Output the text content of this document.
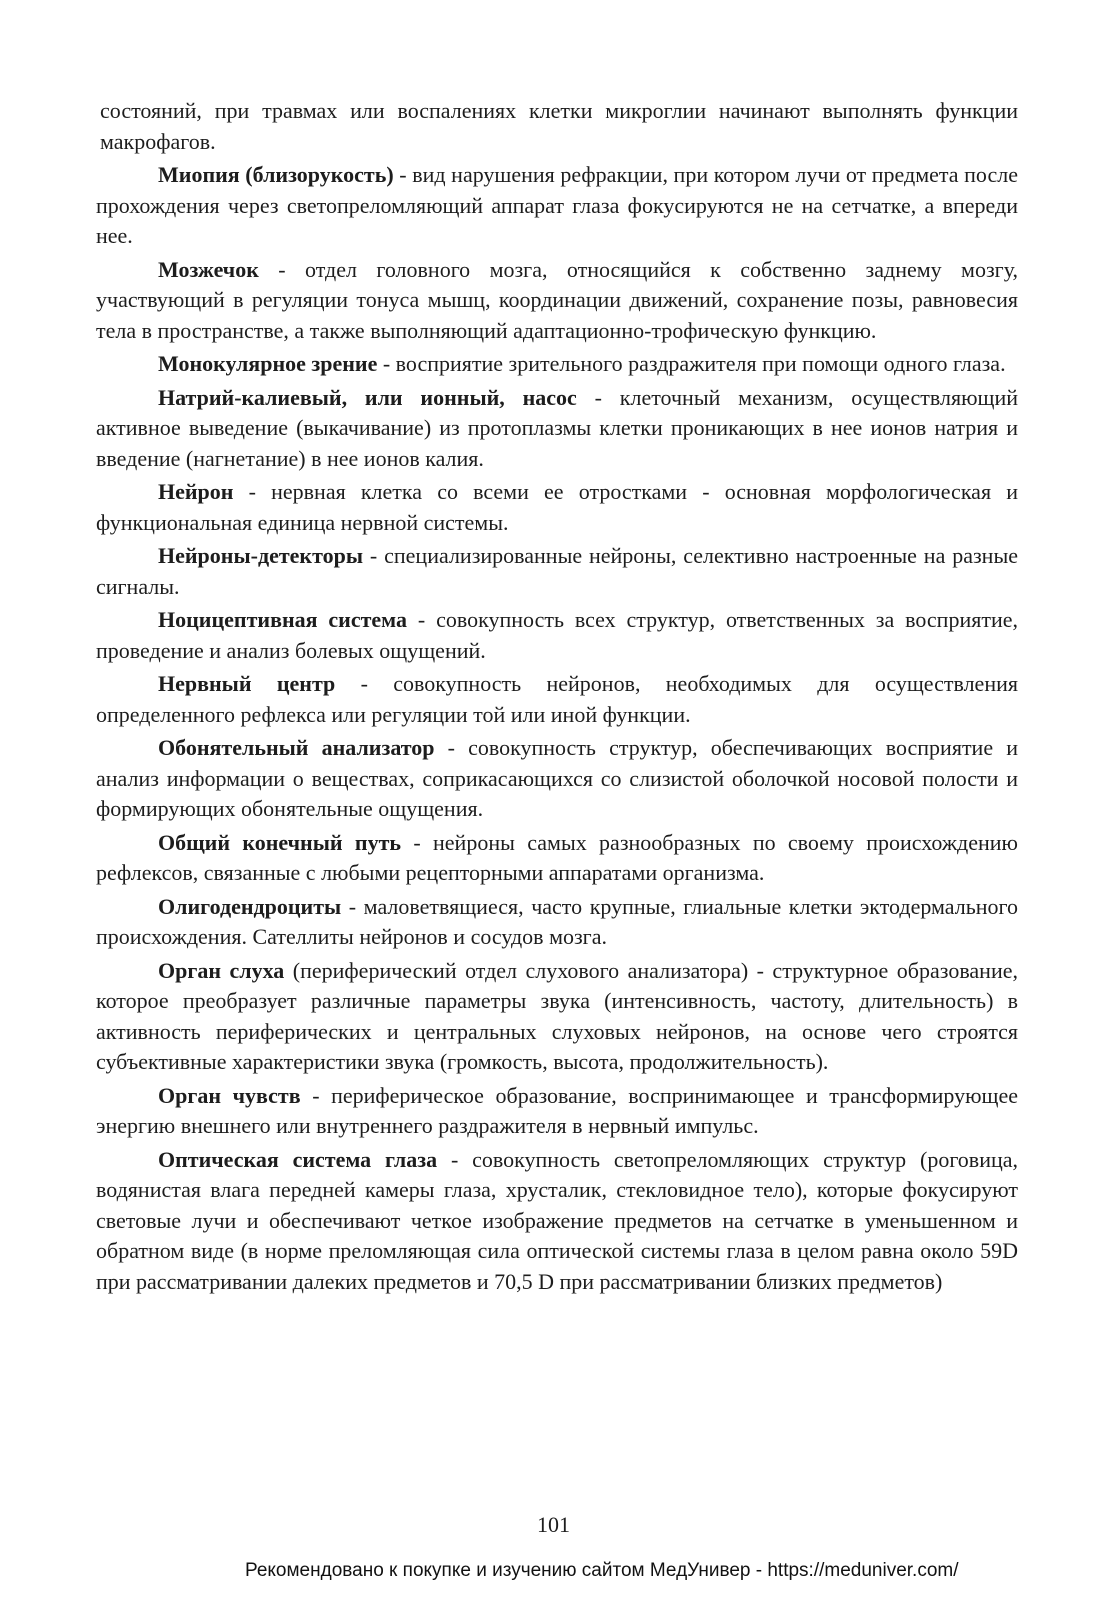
состояний, при травмах или воспалениях клетки микроглии начинают выполнять функции макрофагов.

Миопия (близорукость) - вид нарушения рефракции, при котором лучи от предмета после прохождения через светопреломляющий аппарат глаза фокусируются не на сетчатке, а впереди нее.

Мозжечок - отдел головного мозга, относящийся к собственно заднему мозгу, участвующий в регуляции тонуса мышц, координации движений, сохранение позы, равновесия тела в пространстве, а также выполняющий адаптационно-трофическую функцию.

Монокулярное зрение - восприятие зрительного раздражителя при помощи одного глаза.

Натрий-калиевый, или ионный, насос - клеточный механизм, осуществляющий активное выведение (выкачивание) из протоплазмы клетки проникающих в нее ионов натрия и введение (нагнетание) в нее ионов калия.

Нейрон - нервная клетка со всеми ее отростками - основная морфологическая и функциональная единица нервной системы.

Нейроны-детекторы - специализированные нейроны, селективно настроенные на разные сигналы.

Ноцицептивная система - совокупность всех структур, ответственных за восприятие, проведение и анализ болевых ощущений.

Нервный центр - совокупность нейронов, необходимых для осуществления определенного рефлекса или регуляции той или иной функции.

Обонятельный анализатор - совокупность структур, обеспечивающих восприятие и анализ информации о веществах, соприкасающихся со слизистой оболочкой носовой полости и формирующих обонятельные ощущения.

Общий конечный путь - нейроны самых разнообразных по своему происхождению рефлексов, связанные с любыми рецепторными аппаратами организма.

Олигодендроциты - маловетвящиеся, часто крупные, глиальные клетки эктодермального происхождения. Сателлиты нейронов и сосудов мозга.

Орган слуха (периферический отдел слухового анализатора) - структурное образование, которое преобразует различные параметры звука (интенсивность, частоту, длительность) в активность периферических и центральных слуховых нейронов, на основе чего строятся субъективные характеристики звука (громкость, высота, продолжительность).

Орган чувств - периферическое образование, воспринимающее и трансформирующее энергию внешнего или внутреннего раздражителя в нервный импульс.

Оптическая система глаза - совокупность светопреломляющих структур (роговица, водянистая влага передней камеры глаза, хрусталик, стекловидное тело), которые фокусируют световые лучи и обеспечивают четкое изображение предметов на сетчатке в уменьшенном и обратном виде (в норме преломляющая сила оптической системы глаза в целом равна около 59D при рассматривании далеких предметов и 70,5 D при рассматривании близких предметов)

101
Рекомендовано к покупке и изучению сайтом МедУнивер - https://meduniver.com/
